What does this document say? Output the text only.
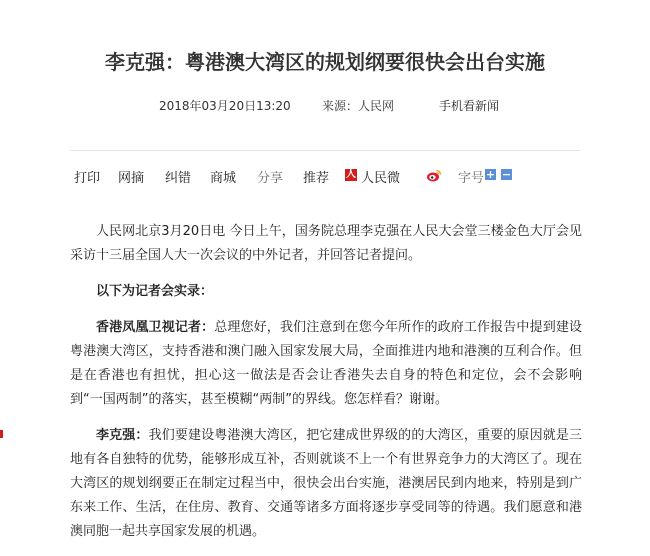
李克强：粤港澳大湾区的规划纲要很快会出台实施
2018年03月20日13:20	来源：人民网	手机看新闻
打印 网摘 纠错 商城 分享 推荐 人 人民微	字号 + −

人民网北京3月20日电 今日上午，国务院总理李克强在人民大会堂三楼金色大厅会见采访十三届全国人大一次会议的中外记者，并回答记者提问。

以下为记者会实录：

香港凤凰卫视记者：总理您好，我们注意到在您今年所作的政府工作报告中提到建设粤港澳大湾区，支持香港和澳门融入国家发展大局，全面推进内地和港澳的互利合作。但是在香港也有担忧，担心这一做法是否会让香港失去自身的特色和定位，会不会影响到“一国两制”的落实，甚至模糊“两制”的界线。您怎样看？谢谢。

李克强：我们要建设粤港澳大湾区，把它建成世界级的的大湾区，重要的原因就是三地有各自独特的优势，能够形成互补，否则就谈不上一个有世界竞争力的大湾区了。现在大湾区的规划纲要正在制定过程当中，很快会出台实施，港澳居民到内地来，特别是到广东来工作、生活，在住房、教育、交通等诸多方面将逐步享受同等的待遇。我们愿意和港澳同胞一起共享国家发展的机遇。
